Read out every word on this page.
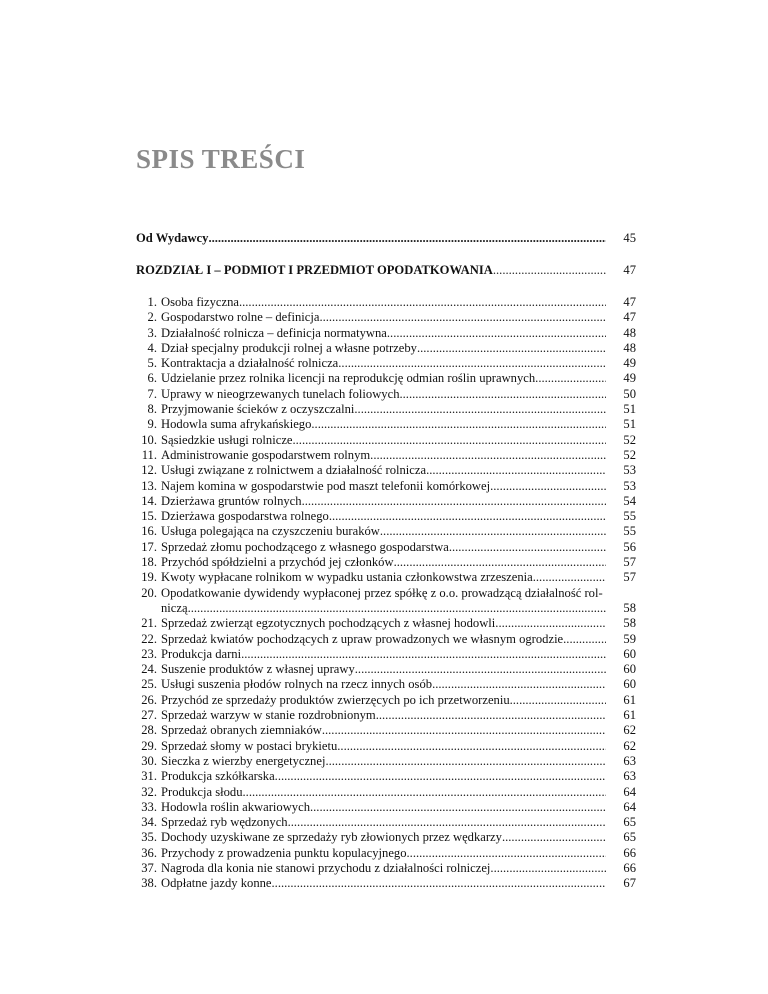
SPIS TREŚCI
Od Wydawcy .....	45
ROZDZIAŁ I – PODMIOT I PRZEDMIOT OPODATKOWANIA .....	47
1. Osoba fizyczna .....	47
2. Gospodarstwo rolne – definicja .....	47
3. Działalność rolnicza – definicja normatywna .....	48
4. Dział specjalny produkcji rolnej a własne potrzeby .....	48
5. Kontraktacja a działalność rolnicza .....	49
6. Udzielanie przez rolnika licencji na reprodukcję odmian roślin uprawnych .....	49
7. Uprawy w nieogrzewanych tunelach foliowych .....	50
8. Przyjmowanie ścieków z oczyszczalni .....	51
9. Hodowla suma afrykańskiego .....	51
10. Sąsiedzkie usługi rolnicze .....	52
11. Administrowanie gospodarstwem rolnym .....	52
12. Usługi związane z rolnictwem a działalność rolnicza .....	53
13. Najem komina w gospodarstwie pod maszt telefonii komórkowej .....	53
14. Dzierżawa gruntów rolnych .....	54
15. Dzierżawa gospodarstwa rolnego .....	55
16. Usługa polegająca na czyszczeniu buraków .....	55
17. Sprzedaż złomu pochodzącego z własnego gospodarstwa .....	56
18. Przychód spółdzielni a przychód jej członków .....	57
19. Kwoty wypłacane rolnikom w wypadku ustania członkowstwa zrzeszenia .....	57
20. Opodatkowanie dywidendy wypłaconej przez spółkę z o.o. prowadzącą działalność rol-
niczą .....	58
21. Sprzedaż zwierząt egzotycznych pochodzących z własnej hodowli .....	58
22. Sprzedaż kwiatów pochodzących z upraw prowadzonych we własnym ogrodzie .....	59
23. Produkcja darni .....	60
24. Suszenie produktów z własnej uprawy .....	60
25. Usługi suszenia płodów rolnych na rzecz innych osób .....	60
26. Przychód ze sprzedaży produktów zwierzęcych po ich przetworzeniu .....	61
27. Sprzedaż warzyw w stanie rozdrobnionym .....	61
28. Sprzedaż obranych ziemniaków .....	62
29. Sprzedaż słomy w postaci brykietu .....	62
30. Sieczka z wierzby energetycznej .....	63
31. Produkcja szkółkarska .....	63
32. Produkcja słodu .....	64
33. Hodowla roślin akwariowych .....	64
34. Sprzedaż ryb wędzonych .....	65
35. Dochody uzyskiwane ze sprzedaży ryb złowionych przez wędkarzy .....	65
36. Przychody z prowadzenia punktu kopulacyjnego .....	66
37. Nagroda dla konia nie stanowi przychodu z działalności rolniczej .....	66
38. Odpłatne jazdy konne .....	67
